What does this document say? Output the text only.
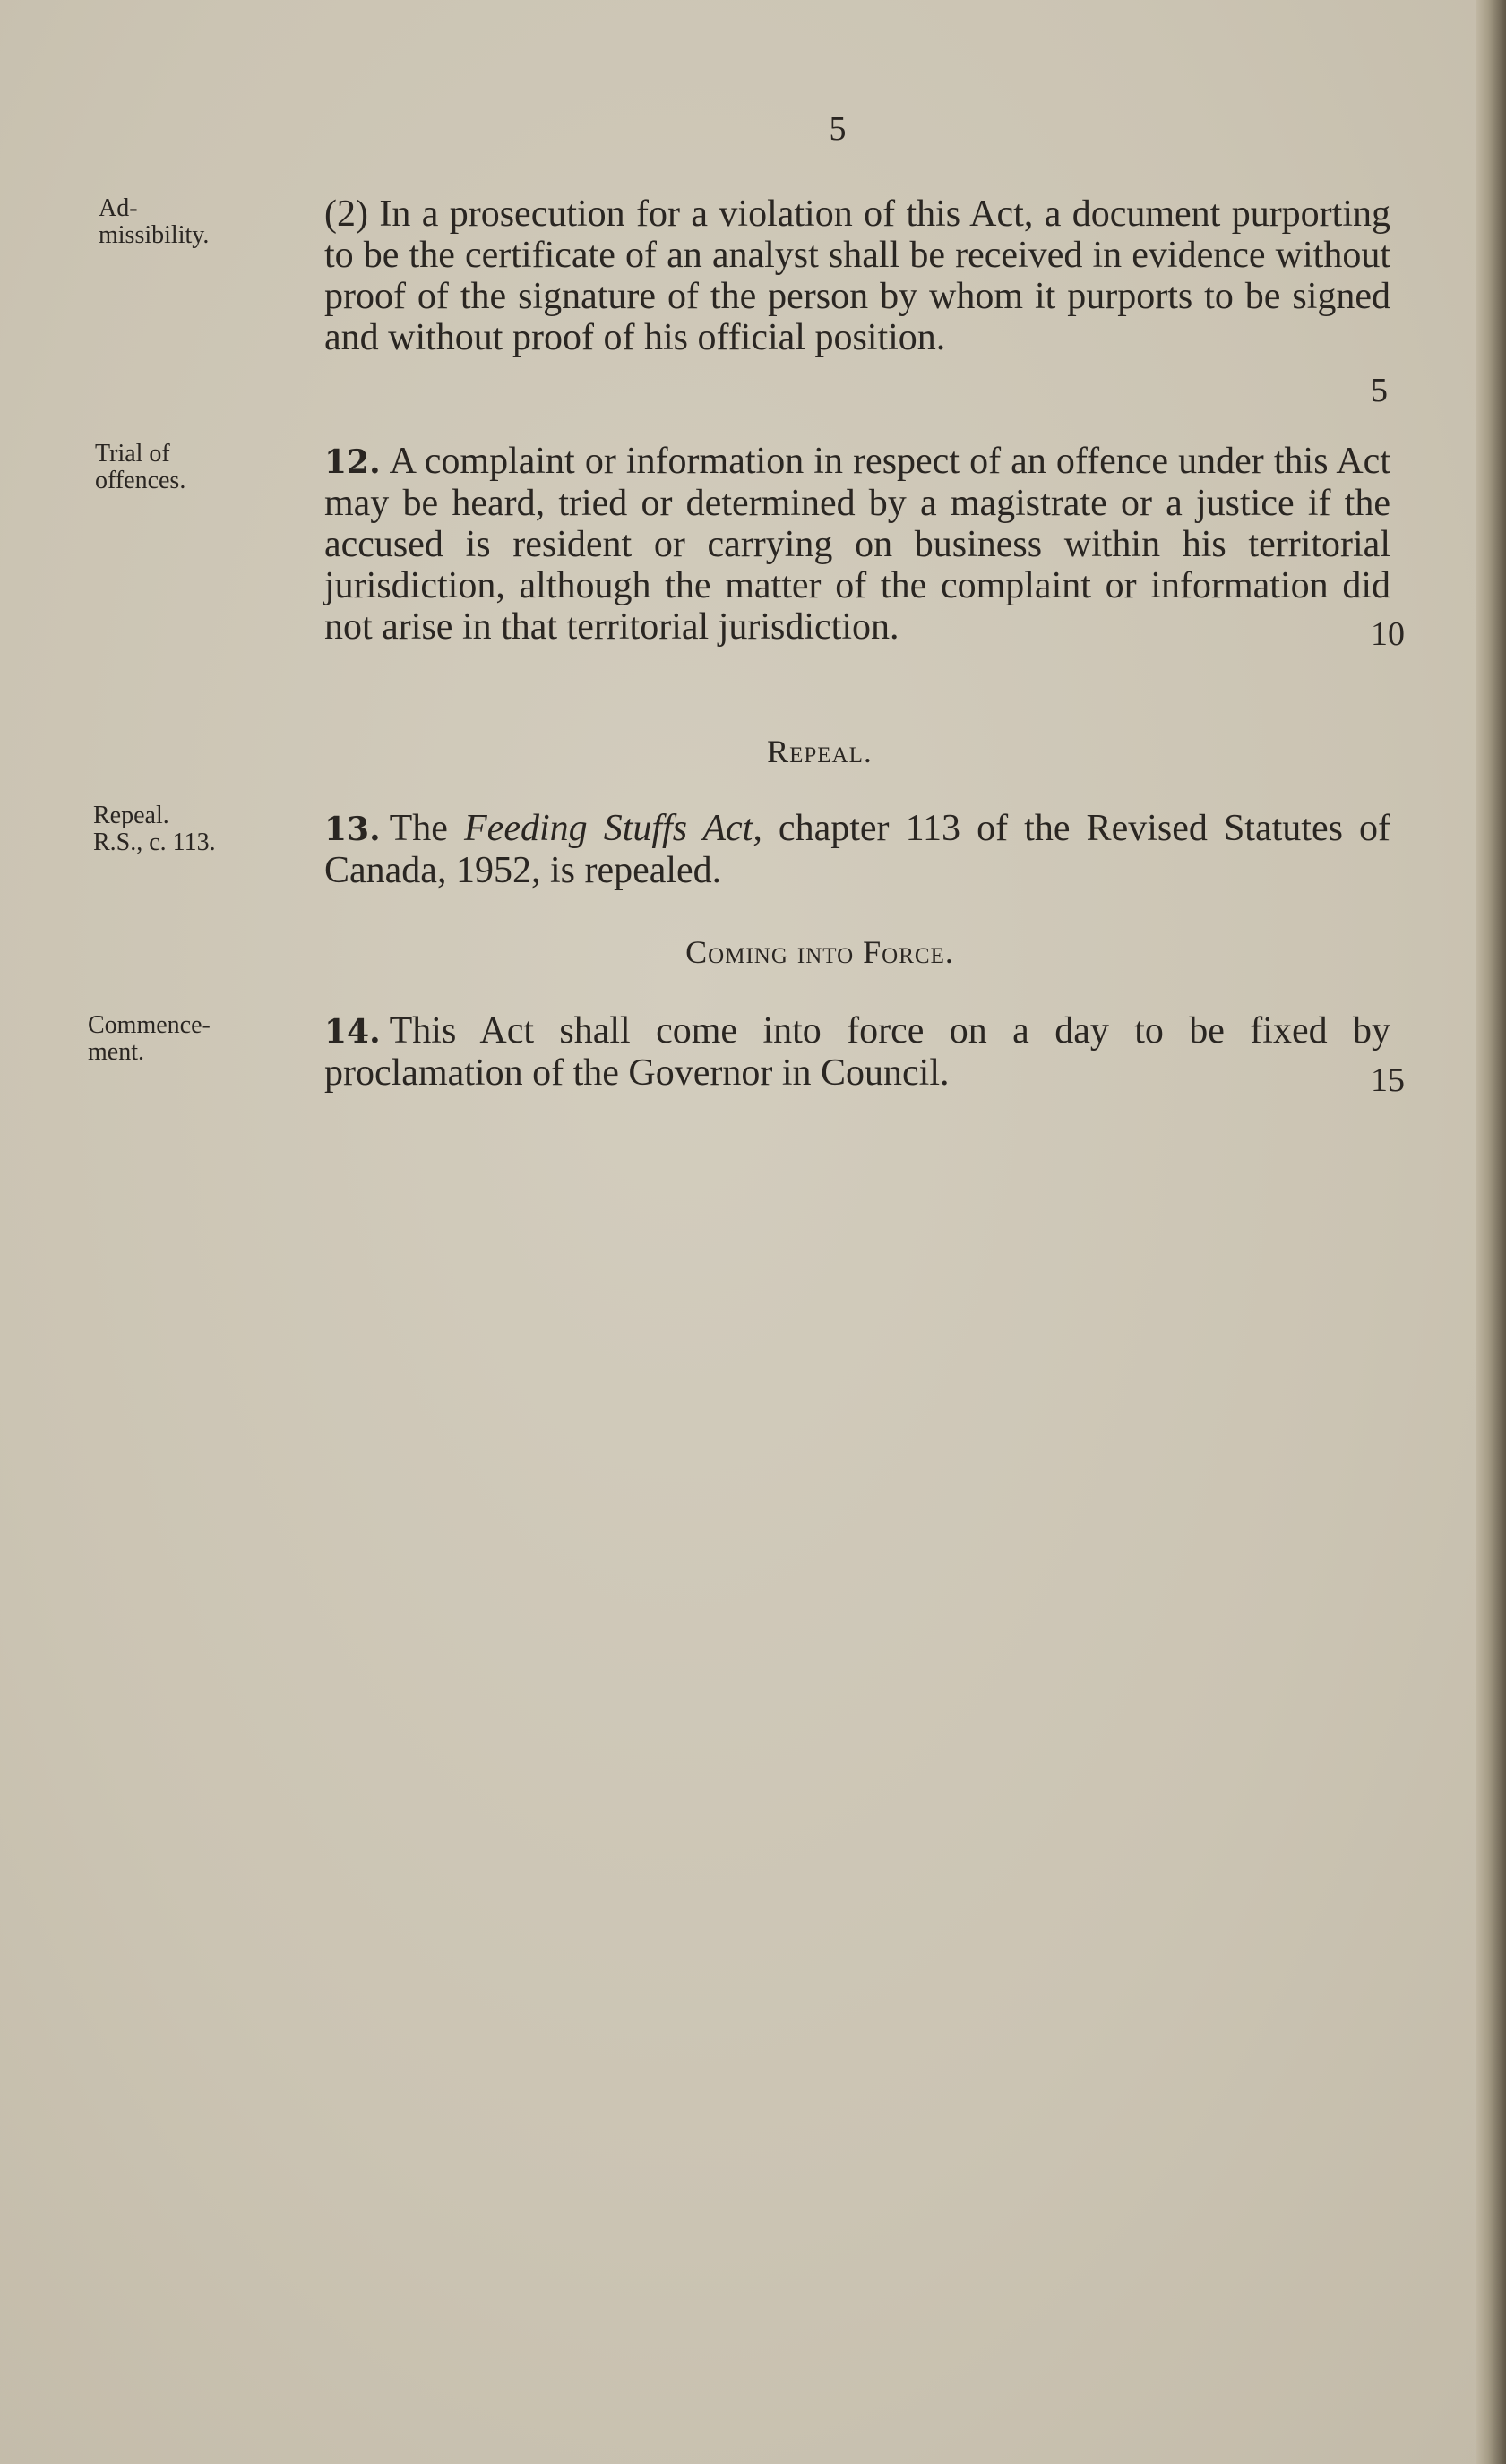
5

Ad-
missibility.

Trial of
offences.

Repeal.
R.S., c. 113.

Commence-
ment.

(2) In a prosecution for a violation of this Act, a document purporting to be the certificate of an analyst shall be received in evidence without proof of the signature of the person by whom it purports to be signed and without proof of his official position.

5

12. A complaint or information in respect of an offence under this Act may be heard, tried or determined by a magistrate or a justice if the accused is resident or carrying on business within his territorial jurisdiction, although the matter of the complaint or information did not arise in that territorial jurisdiction.	10

Repeal.

13. The Feeding Stuffs Act, chapter 113 of the Revised Statutes of Canada, 1952, is repealed.

Coming into Force.

14. This Act shall come into force on a day to be fixed by proclamation of the Governor in Council.	15
